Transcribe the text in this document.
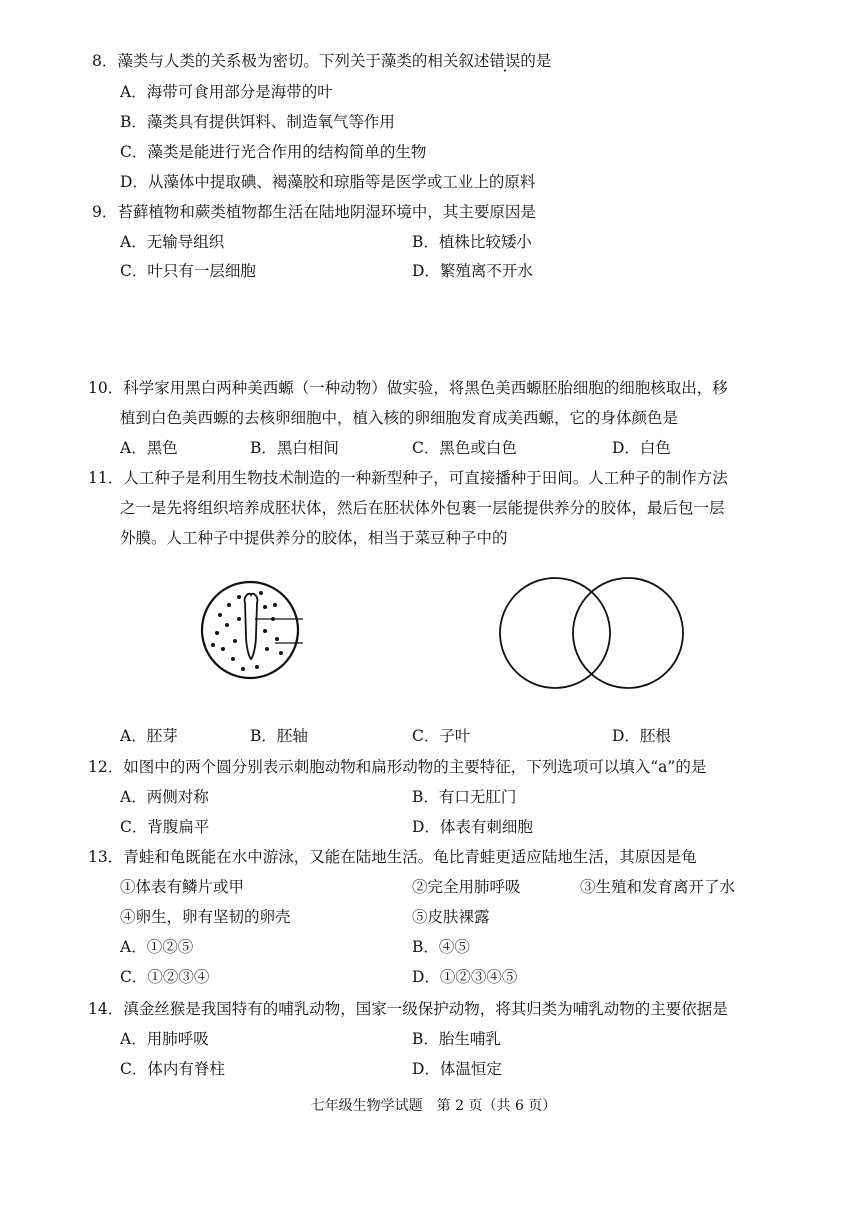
8．藻类与人类的关系极为密切。下列关于藻类的相关叙述错误的是
A．海带可食用部分是海带的叶
B．藻类具有提供饵料、制造氧气等作用
C．藻类是能进行光合作用的结构简单的生物
D．从藻体中提取碘、褐藻胶和琼脂等是医学或工业上的原料
9．苔藓植物和蕨类植物都生活在陆地阴湿环境中，其主要原因是
A．无输导组织	B．植株比较矮小
C．叶只有一层细胞	D．繁殖离不开水
10．科学家用黑白两种美西螈（一种动物）做实验，将黑色美西螈胚胎细胞的细胞核取出，移
植到白色美西螈的去核卵细胞中，植入核的卵细胞发育成美西螈，它的身体颜色是
A．黑色	B．黑白相间	C．黑色或白色	D．白色
11．人工种子是利用生物技术制造的一种新型种子，可直接播种于田间。人工种子的制作方法
之一是先将组织培养成胚状体，然后在胚状体外包裹一层能提供养分的胶体，最后包一层
外膜。人工种子中提供养分的胶体，相当于菜豆种子中的
A．胚芽	B．胚轴	C．子叶	D．胚根
12．如图中的两个圆分别表示刺胞动物和扁形动物的主要特征，下列选项可以填入“a”的是
A．两侧对称	B．有口无肛门
C．背腹扁平	D．体表有刺细胞
13．青蛙和龟既能在水中游泳，又能在陆地生活。龟比青蛙更适应陆地生活，其原因是龟
①体表有鳞片或甲	②完全用肺呼吸	③生殖和发育离开了水
④卵生，卵有坚韧的卵壳	⑤皮肤裸露
A．①②⑤	B．④⑤
C．①②③④	D．①②③④⑤
14．滇金丝猴是我国特有的哺乳动物，国家一级保护动物，将其归类为哺乳动物的主要依据是
A．用肺呼吸	B．胎生哺乳
C．体内有脊柱	D．体温恒定
七年级生物学试题　第 2 页（共 6 页）
